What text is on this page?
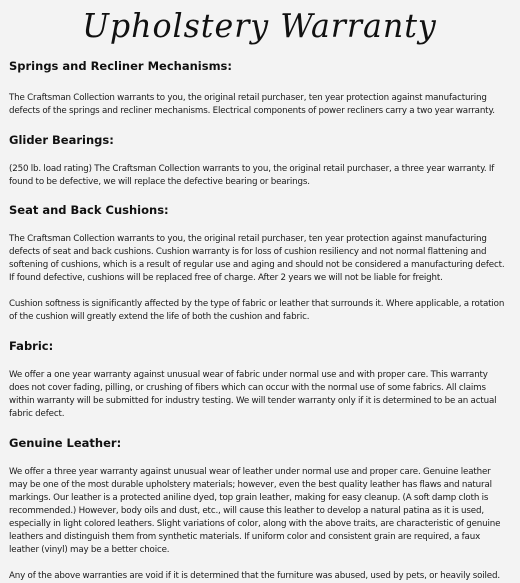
Upholstery Warranty
Springs and Recliner Mechanisms:

The Craftsman Collection warrants to you, the original retail purchaser, ten year protection against manufacturing defects of the springs and recliner mechanisms. Electrical components of power recliners carry a two year warranty.

Glider Bearings:

(250 lb. load rating) The Craftsman Collection warrants to you, the original retail purchaser, a three year warranty. If found to be defective, we will replace the defective bearing or bearings.

Seat and Back Cushions:

The Craftsman Collection warrants to you, the original retail purchaser, ten year protection against manufacturing defects of seat and back cushions. Cushion warranty is for loss of cushion resiliency and not normal flattening and softening of cushions, which is a result of regular use and aging and should not be considered a manufacturing defect. If found defective, cushions will be replaced free of charge. After 2 years we will not be liable for freight.

Cushion softness is significantly affected by the type of fabric or leather that surrounds it. Where applicable, a rotation of the cushion will greatly extend the life of both the cushion and fabric.

Fabric:

We offer a one year warranty against unusual wear of fabric under normal use and with proper care. This warranty does not cover fading, pilling, or crushing of fibers which can occur with the normal use of some fabrics. All claims within warranty will be submitted for industry testing. We will tender warranty only if it is determined to be an actual fabric defect.

Genuine Leather:

We offer a three year warranty against unusual wear of leather under normal use and proper care. Genuine leather may be one of the most durable upholstery materials; however, even the best quality leather has flaws and natural markings. Our leather is a protected aniline dyed, top grain leather, making for easy cleanup. (A soft damp cloth is recommended.) However, body oils and dust, etc., will cause this leather to develop a natural patina as it is used, especially in light colored leathers. Slight variations of color, along with the above traits, are characteristic of genuine leathers and distinguish them from synthetic materials. If uniform color and consistent grain are required, a faux leather (vinyl) may be a better choice.

Any of the above warranties are void if it is determined that the furniture was abused, used by pets, or heavily soiled.
